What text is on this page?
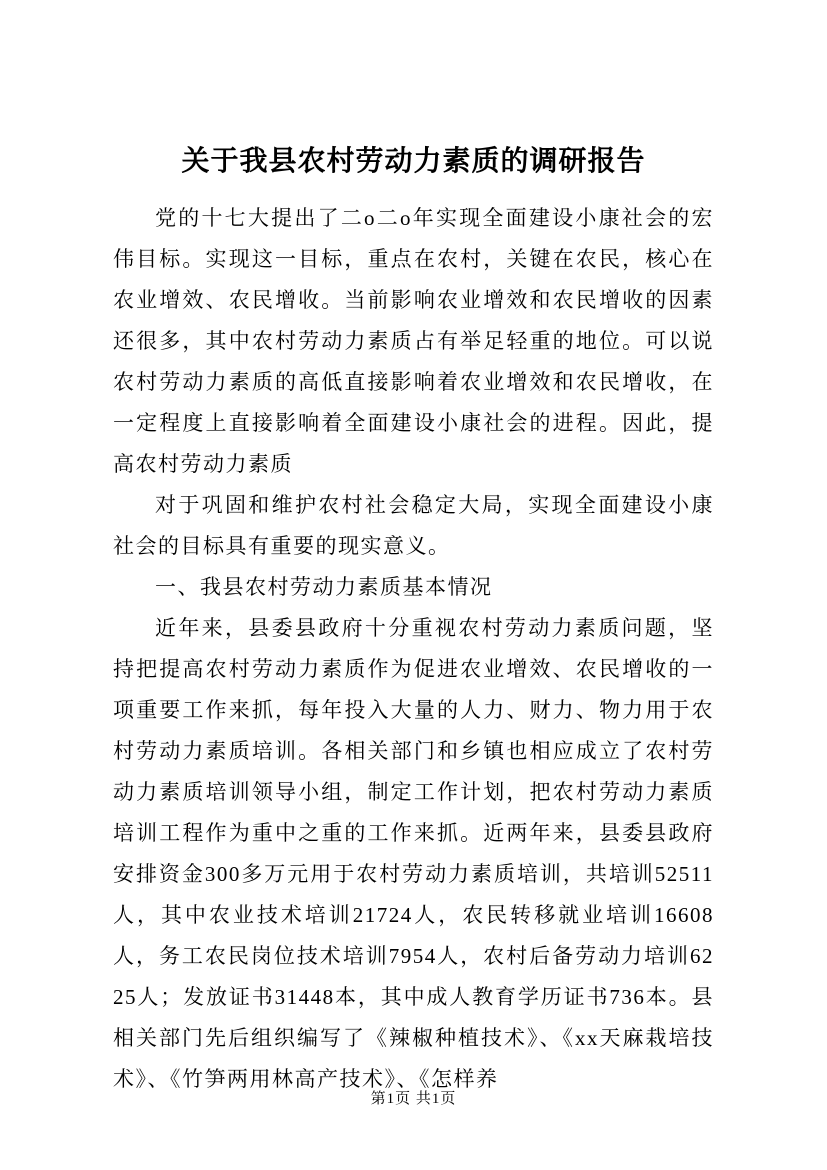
关于我县农村劳动力素质的调研报告

党的十七大提出了二o二o年实现全面建设小康社会的宏伟目标。实现这一目标，重点在农村，关键在农民，核心在农业增效、农民增收。当前影响农业增效和农民增收的因素还很多，其中农村劳动力素质占有举足轻重的地位。可以说农村劳动力素质的高低直接影响着农业增效和农民增收，在一定程度上直接影响着全面建设小康社会的进程。因此，提高农村劳动力素质

对于巩固和维护农村社会稳定大局，实现全面建设小康社会的目标具有重要的现实意义。

一、我县农村劳动力素质基本情况

近年来，县委县政府十分重视农村劳动力素质问题，坚持把提高农村劳动力素质作为促进农业增效、农民增收的一项重要工作来抓，每年投入大量的人力、财力、物力用于农村劳动力素质培训。各相关部门和乡镇也相应成立了农村劳动力素质培训领导小组，制定工作计划，把农村劳动力素质培训工程作为重中之重的工作来抓。近两年来，县委县政府安排资金300多万元用于农村劳动力素质培训，共培训52511人，其中农业技术培训21724人，农民转移就业培训16608人，务工农民岗位技术培训7954人，农村后备劳动力培训6225人；发放证书31448本，其中成人教育学历证书736本。县相关部门先后组织编写了《辣椒种植技术》、《xx天麻栽培技术》、《竹笋两用林高产技术》、《怎样养

第1页 共1页
